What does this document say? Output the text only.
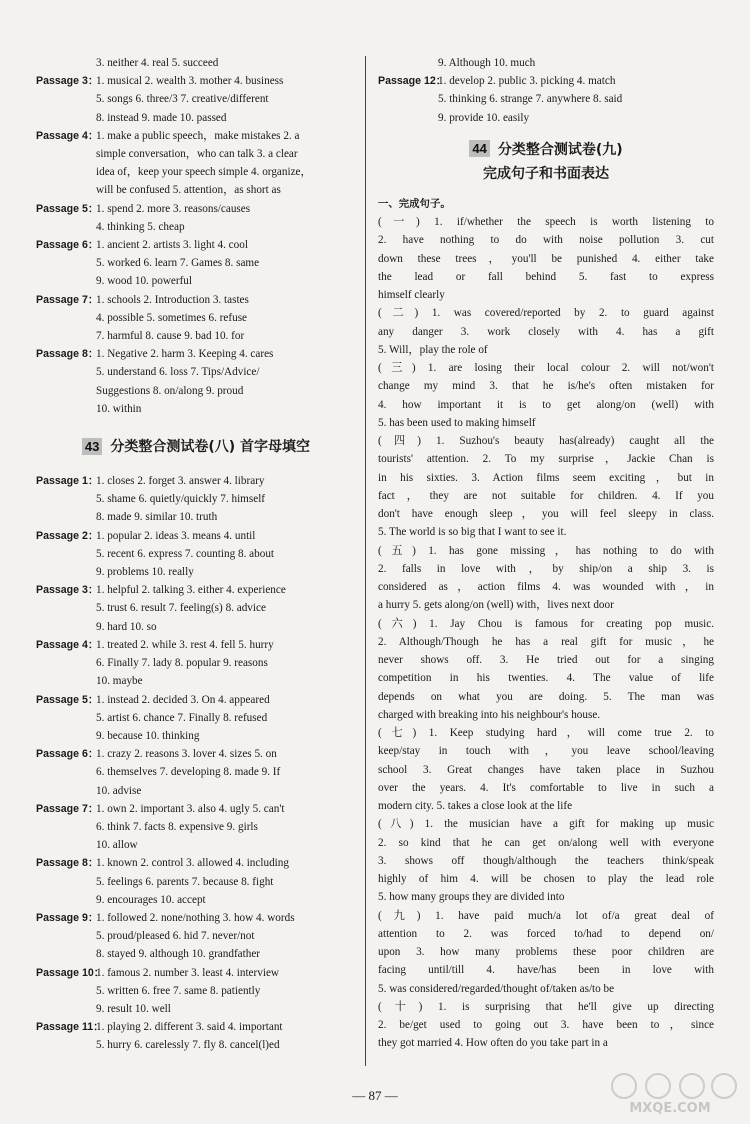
3. neither 4. real 5. succeed
Passage 3：1. musical 2. wealth 3. mother 4. business
5. songs 6. three/3 7. creative/different
8. instead 9. made 10. passed
Passage 4：1. make a public speech，make mistakes 2. a
simple conversation，who can talk 3. a clear
idea of，keep your speech simple 4. organize，
will be confused 5. attention，as short as
Passage 5：1. spend 2. more 3. reasons/causes
4. thinking 5. cheap
Passage 6：1. ancient 2. artists 3. light 4. cool
5. worked 6. learn 7. Games 8. same
9. wood 10. powerful
Passage 7：1. schools 2. Introduction 3. tastes
4. possible 5. sometimes 6. refuse
7. harmful 8. cause 9. bad 10. for
Passage 8：1. Negative 2. harm 3. Keeping 4. cares
5. understand 6. loss 7. Tips/Advice/
Suggestions 8. on/along 9. proud
10. within
43 分类整合测试卷(八) 首字母填空
Passage 1：1. closes 2. forget 3. answer 4. library
5. shame 6. quietly/quickly 7. himself
8. made 9. similar 10. truth
Passage 2：1. popular 2. ideas 3. means 4. until
5. recent 6. express 7. counting 8. about
9. problems 10. really
Passage 3：1. helpful 2. talking 3. either 4. experience
5. trust 6. result 7. feeling(s) 8. advice
9. hard 10. so
Passage 4：1. treated 2. while 3. rest 4. fell 5. hurry
6. Finally 7. lady 8. popular 9. reasons
10. maybe
Passage 5：1. instead 2. decided 3. On 4. appeared
5. artist 6. chance 7. Finally 8. refused
9. because 10. thinking
Passage 6：1. crazy 2. reasons 3. lover 4. sizes 5. on
6. themselves 7. developing 8. made 9. If
10. advise
Passage 7：1. own 2. important 3. also 4. ugly 5. can't
6. think 7. facts 8. expensive 9. girls
10. allow
Passage 8：1. known 2. control 3. allowed 4. including
5. feelings 6. parents 7. because 8. fight
9. encourages 10. accept
Passage 9：1. followed 2. none/nothing 3. how 4. words
5. proud/pleased 6. hid 7. never/not
8. stayed 9. although 10. grandfather
Passage 10：1. famous 2. number 3. least 4. interview
5. written 6. free 7. same 8. patiently
9. result 10. well
Passage 11：1. playing 2. different 3. said 4. important
5. hurry 6. carelessly 7. fly 8. cancel(l)ed
9. Although 10. much
Passage 12：1. develop 2. public 3. picking 4. match
5. thinking 6. strange 7. anywhere 8. said
9. provide 10. easily
44 分类整合测试卷(九)
完成句子和书面表达
一、完成句子。
(一) 1. if/whether the speech is worth listening to
2. have nothing to do with noise pollution 3. cut
down these trees，you'll be punished 4. either take
the lead or fall behind 5. fast to express
himself clearly
(二) 1. was covered/reported by 2. to guard against
any danger 3. work closely with 4. has a gift
5. Will，play the role of
(三) 1. are losing their local colour 2. will not/won't
change my mind 3. that he is/he's often mistaken for
4. how important it is to get along/on (well) with
5. has been used to making himself
(四) 1. Suzhou's beauty has(already) caught all the
tourists' attention. 2. To my surprise，Jackie Chan is
in his sixties. 3. Action films seem exciting，but in
fact，they are not suitable for children. 4. If you
don't have enough sleep，you will feel sleepy in class.
5. The world is so big that I want to see it.
(五) 1. has gone missing，has nothing to do with
2. falls in love with，by ship/on a ship 3. is
considered as，action films 4. was wounded with，in
a hurry 5. gets along/on (well) with，lives next door
(六) 1. Jay Chou is famous for creating pop music.
2. Although/Though he has a real gift for music，he
never shows off. 3. He tried out for a singing
competition in his twenties. 4. The value of life
depends on what you are doing. 5. The man was
charged with breaking into his neighbour's house.
(七) 1. Keep studying hard，will come true 2. to
keep/stay in touch with，you leave school/leaving
school 3. Great changes have taken place in Suzhou
over the years. 4. It's comfortable to live in such a
modern city. 5. takes a close look at the life
(八) 1. the musician have a gift for making up music
2. so kind that he can get on/along well with everyone
3. shows off though/although the teachers think/speak
highly of him 4. will be chosen to play the lead role
5. how many groups they are divided into
(九) 1. have paid much/a lot of/a great deal of
attention to 2. was forced to/had to depend on/
upon 3. how many problems these poor children are
facing until/till 4. have/has been in love with
5. was considered/regarded/thought of/taken as/to be
(十) 1. is surprising that he'll give up directing
2. be/get used to going out 3. have been to，since
they got married 4. How often do you take part in a
— 87 —
MXQE.COM
